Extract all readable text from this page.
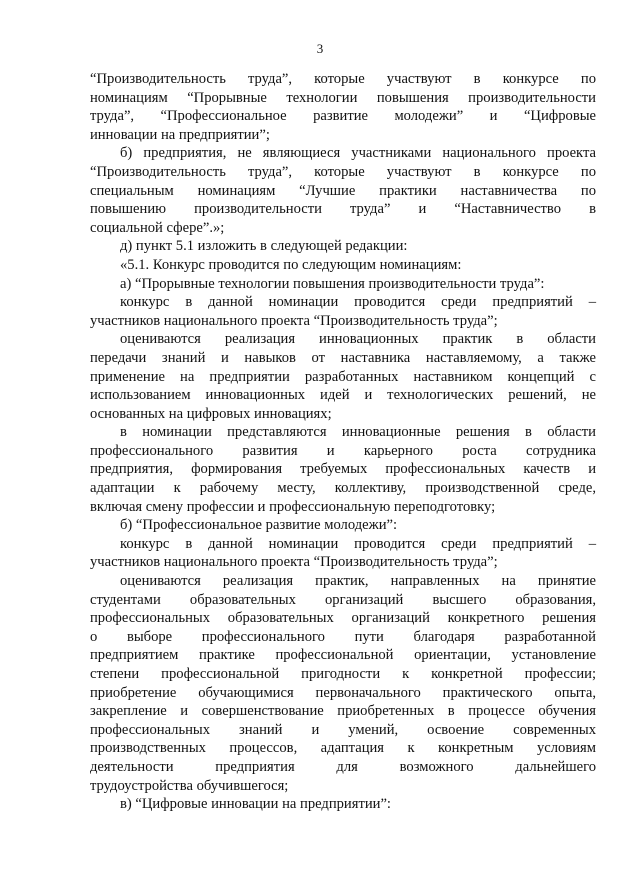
3
“Производительность труда”, которые участвуют в конкурсе по
номинациям “Прорывные технологии повышения производительности
труда”, “Профессиональное развитие молодежи” и “Цифровые
инновации на предприятии”;
б) предприятия, не являющиеся участниками национального проекта
“Производительность труда”, которые участвуют в конкурсе по
специальным номинациям “Лучшие практики наставничества по
повышению производительности труда” и “Наставничество в
социальной сфере”.»;
д) пункт 5.1 изложить в следующей редакции:
«5.1. Конкурс проводится по следующим номинациям:
а) “Прорывные технологии повышения производительности труда”:
конкурс в данной номинации проводится среди предприятий –
участников национального проекта “Производительность труда”;
оцениваются реализация инновационных практик в области
передачи знаний и навыков от наставника наставляемому, а также
применение на предприятии разработанных наставником концепций с
использованием инновационных идей и технологических решений, не
основанных на цифровых инновациях;
в номинации представляются инновационные решения в области
профессионального развития и карьерного роста сотрудника
предприятия, формирования требуемых профессиональных качеств и
адаптации к рабочему месту, коллективу, производственной среде,
включая смену профессии и профессиональную переподготовку;
б) “Профессиональное развитие молодежи”:
конкурс в данной номинации проводится среди предприятий –
участников национального проекта “Производительность труда”;
оцениваются реализация практик, направленных на принятие
студентами образовательных организаций высшего образования,
профессиональных образовательных организаций конкретного решения
о выборе профессионального пути благодаря разработанной
предприятием практике профессиональной ориентации, установление
степени профессиональной пригодности к конкретной профессии;
приобретение обучающимися первоначального практического опыта,
закрепление и совершенствование приобретенных в процессе обучения
профессиональных знаний и умений, освоение современных
производственных процессов, адаптация к конкретным условиям
деятельности предприятия для возможного дальнейшего
трудоустройства обучившегося;
в) “Цифровые инновации на предприятии”:
